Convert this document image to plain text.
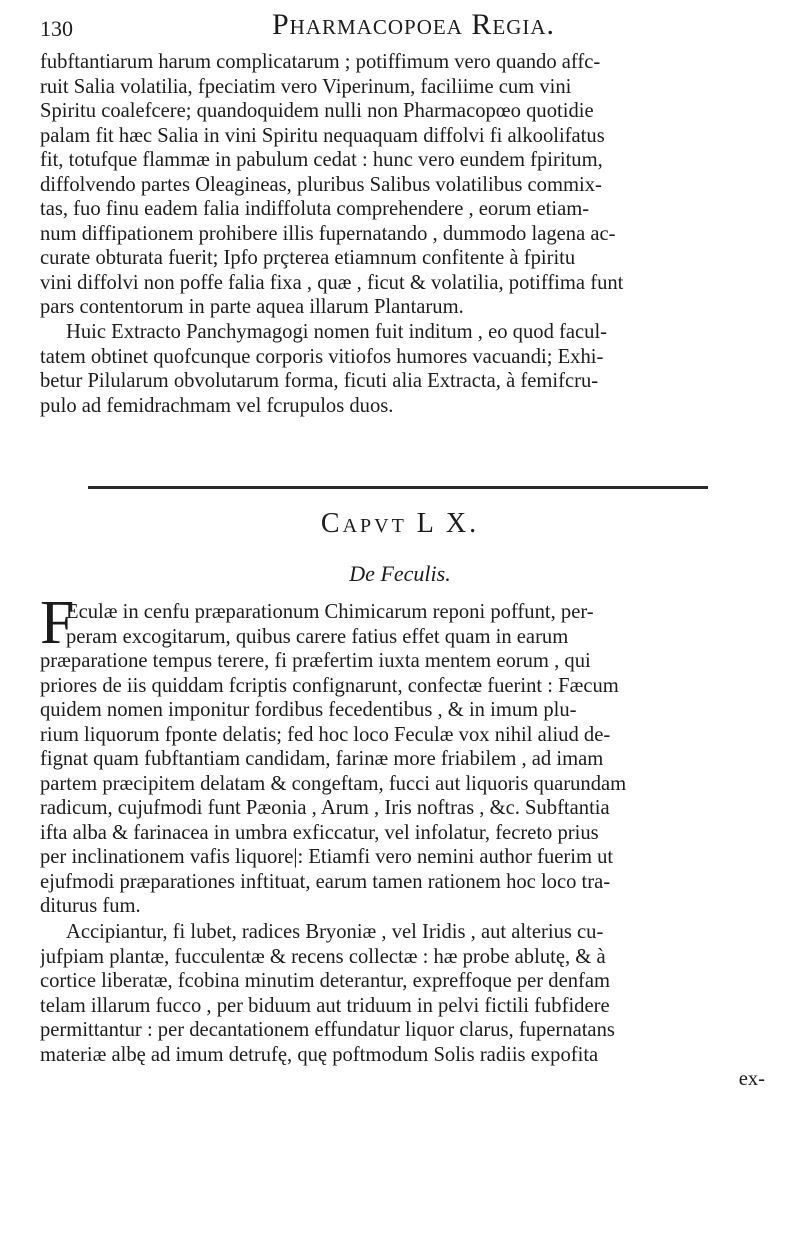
130	Pharmacopoea Regia.
fubftantiarum harum complicatarum ; potiffimum vero quando affc-
ruit Salia volatilia, fpeciatim vero Viperinum, faciliime cum vini
Spiritu coalefcere; quandoquidem nulli non Pharmacopœo quotidie
palam fit hæc Salia in vini Spiritu nequaquam diffolvi fi alkoolifatus
fit, totufque flammæ in pabulum cedat : hunc vero eundem fpiritum,
diffolvendo partes Oleagineas, pluribus Salibus volatilibus commix-
tas, fuo finu eadem falia indiffoluta comprehendere , eorum etiam-
num diffipationem prohibere illis fupernatando , dummodo lagena ac-
curate obturata fuerit; Ipfo prçterea etiamnum confitente à fpiritu
vini diffolvi non poffe falia fixa , quæ , ficut & volatilia, potiffima funt
pars contentorum in parte aquea illarum Plantarum.
Huic Extracto Panchymagogi nomen fuit inditum , eo quod facul-
tatem obtinet quofcunque corporis vitiofos humores vacuandi; Exhi-
betur Pilularum obvolutarum forma, ficuti alia Extracta, à femifcru-
pulo ad femidrachmam vel fcrupulos duos.
Capvt L X.
De Feculis.
F
Eculæ in cenfu præparationum Chimicarum reponi poffunt, per-
peram excogitarum, quibus carere fatius effet quam in earum
præparatione tempus terere, fi præfertim iuxta mentem eorum , qui
priores de iis quiddam fcriptis confignarunt, confectæ fuerint : Fæcum
quidem nomen imponitur fordibus fecedentibus , & in imum plu-
rium liquorum fponte delatis; fed hoc loco Feculæ vox nihil aliud de-
fignat quam fubftantiam candidam, farinæ more friabilem , ad imam
partem præcipitem delatam & congeftam, fucci aut liquoris quarundam
radicum, cujufmodi funt Pæonia , Arum , Iris noftras , &c. Subftantia
ifta alba & farinacea in umbra exficcatur, vel infolatur, fecreto prius
per inclinationem vafis liquore|: Etiamfi vero nemini author fuerim ut
ejufmodi præparationes inftituat, earum tamen rationem hoc loco tra-
diturus fum.
Accipiantur, fi lubet, radices Bryoniæ , vel Iridis , aut alterius cu-
jufpiam plantæ, fucculentæ & recens collectæ : hæ probe ablutę, & à
cortice liberatæ, fcobina minutim deterantur, expreffoque per denfam
telam illarum fucco , per biduum aut triduum in pelvi fictili fubfidere
permittantur : per decantationem effundatur liquor clarus, fupernatans
materiæ albę ad imum detrufę, quę poftmodum Solis radiis expofita
ex-
